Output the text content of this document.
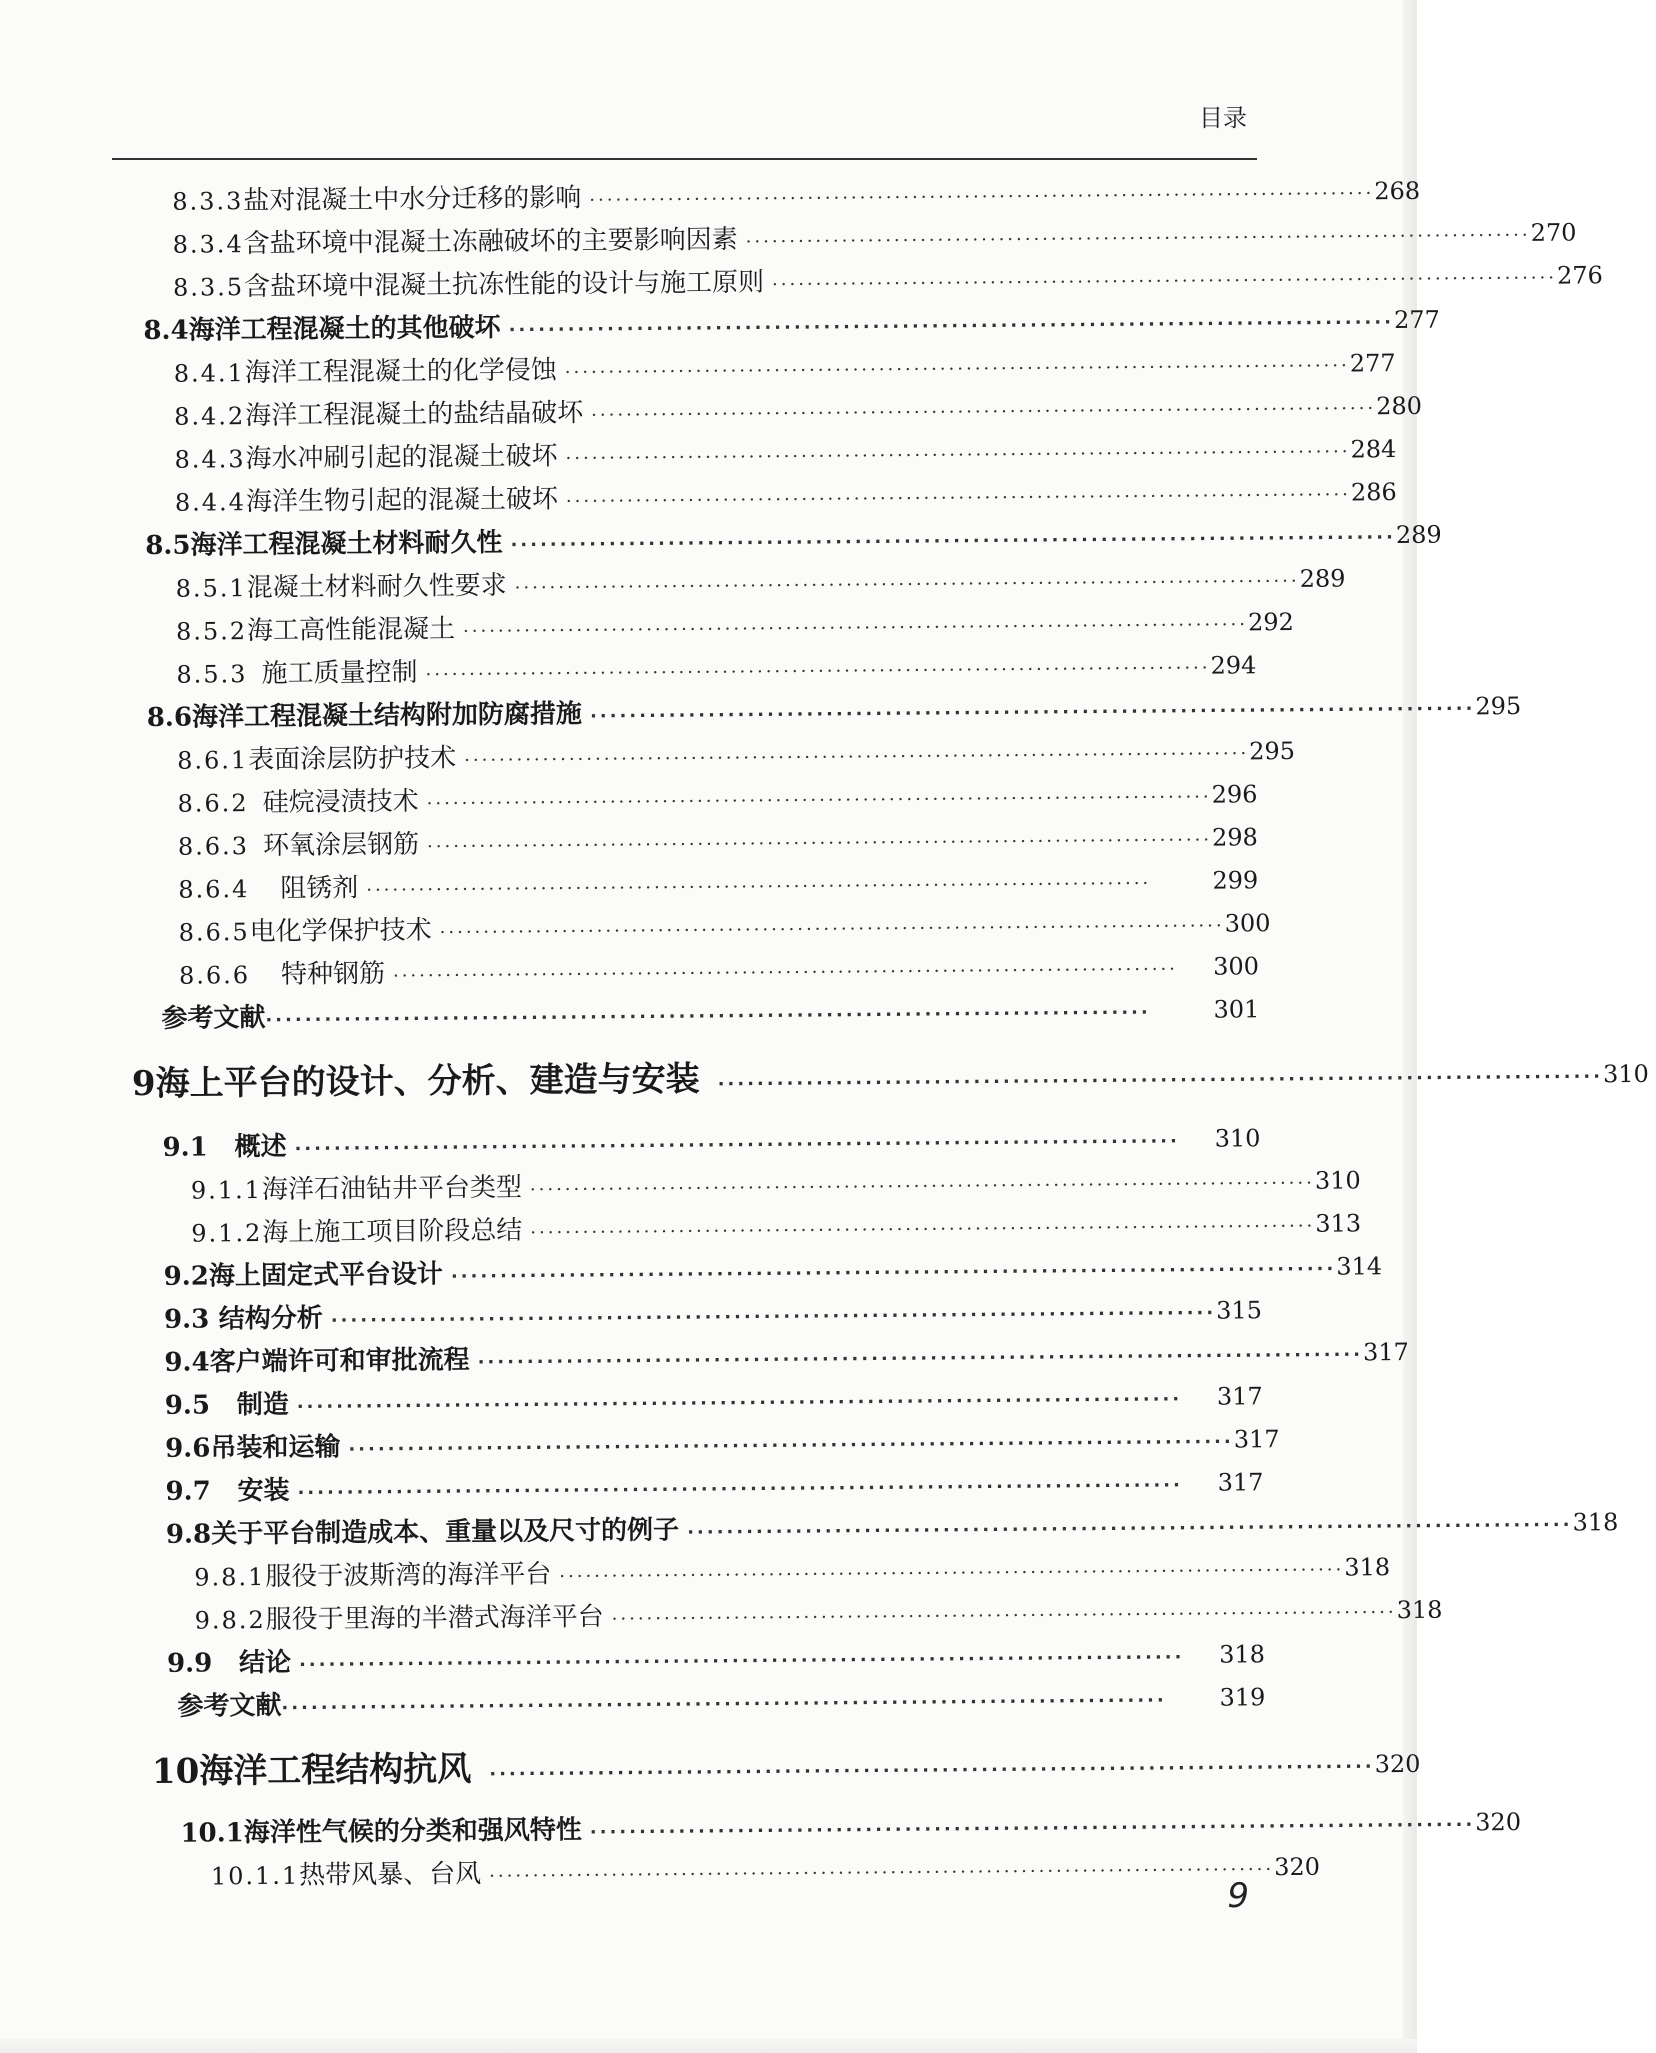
目录
8.3.3 盐对混凝土中水分迁移的影响 ·························································································· 268
8.3.4 含盐环境中混凝土冻融破坏的主要影响因素 ·························································································· 270
8.3.5 含盐环境中混凝土抗冻性能的设计与施工原则 ·························································································· 276
8.4 海洋工程混凝土的其他破坏 ·························································································· 277
8.4.1 海洋工程混凝土的化学侵蚀 ·························································································· 277
8.4.2 海洋工程混凝土的盐结晶破坏 ·························································································· 280
8.4.3 海水冲刷引起的混凝土破坏 ·························································································· 284
8.4.4 海洋生物引起的混凝土破坏 ·························································································· 286
8.5 海洋工程混凝土材料耐久性 ·························································································· 289
8.5.1 混凝土材料耐久性要求 ·························································································· 289
8.5.2 海工高性能混凝土 ·························································································· 292
8.5.3 施工质量控制 ·························································································· 294
8.6 海洋工程混凝土结构附加防腐措施 ·························································································· 295
8.6.1 表面涂层防护技术 ·························································································· 295
8.6.2 硅烷浸渍技术 ·························································································· 296
8.6.3 环氧涂层钢筋 ·························································································· 298
8.6.4	阻锈剂 ··························································································	299
8.6.5 电化学保护技术 ·························································································· 300
8.6.6	特种钢筋 ··························································································	300
参考文献 ··························································································	301
9 海上平台的设计、分析、建造与安装 ·························································································· 310
9.1	概述 ··························································································	310
9.1.1 海洋石油钻井平台类型 ·························································································· 310
9.1.2 海上施工项目阶段总结 ·························································································· 313
9.2 海上固定式平台设计 ·························································································· 314
9.3 结构分析 ·························································································· 315
9.4 客户端许可和审批流程 ·························································································· 317
9.5	制造 ··························································································	317
9.6 吊装和运输 ·························································································· 317
9.7	安装 ··························································································	317
9.8 关于平台制造成本、重量以及尺寸的例子 ·························································································· 318
9.8.1 服役于波斯湾的海洋平台 ·························································································· 318
9.8.2 服役于里海的半潜式海洋平台 ·························································································· 318
9.9	结论 ··························································································	318
参考文献 ··························································································	319
10 海洋工程结构抗风 ·························································································· 320
10.1 海洋性气候的分类和强风特性 ·························································································· 320
10.1.1 热带风暴、台风 ·························································································· 320
9
